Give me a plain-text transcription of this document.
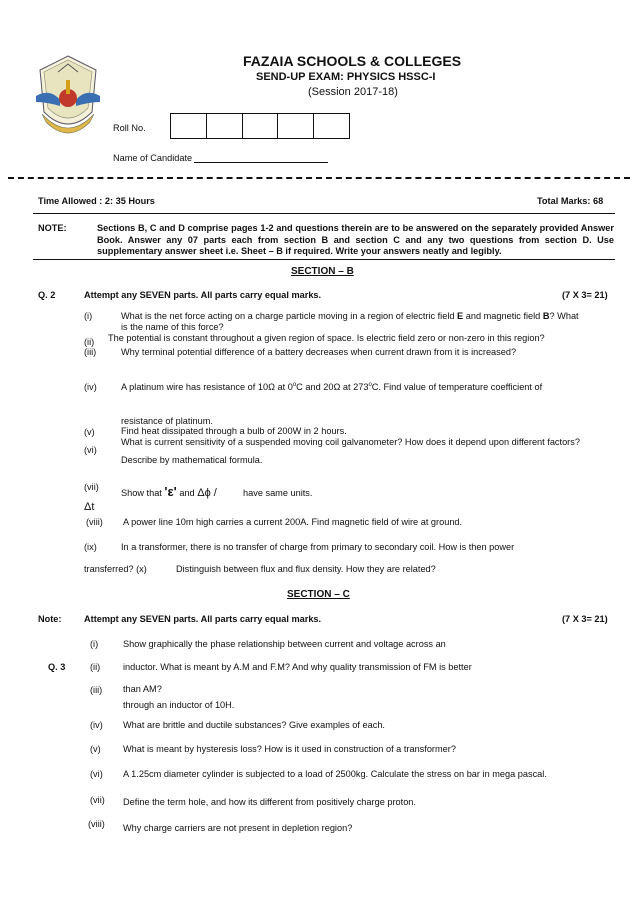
FAZAIA SCHOOLS & COLLEGES
SEND-UP EXAM: PHYSICS HSSC-I
(Session 2017-18)
Roll No.
Name of Candidate
Time Allowed : 2: 35 Hours	Total Marks: 68
NOTE:	Sections B, C and D comprise pages 1-2 and questions therein are to be answered on the separately provided Answer Book. Answer any 07 parts each from section B and section C and any two questions from section D. Use supplementary answer sheet i.e. Sheet – B if required. Write your answers neatly and legibly.
SECTION – B
Q. 2	Attempt any SEVEN parts. All parts carry equal marks.	(7 X 3= 21)
(i)	What is the net force acting on a charge particle moving in a region of electric field E and magnetic field B? What
is the name of this force?
(ii) The potential is constant throughout a given region of space. Is electric field zero or non-zero in this region?
(iii)	Why terminal potential difference of a battery decreases when current drawn from it is increased?
(iv)	A platinum wire has resistance of 10Ω at 0$^o$C and 20Ω at 273$^o$C. Find value of temperature coefficient of
resistance of platinum.
(v)	Find heat dissipated through a bulb of 200W in 2 hours.
(vi)
What is current sensitivity of a suspended moving coil galvanometer? How does it depend upon different factors?
Describe by mathematical formula.
(vii)
Show that 'ε' and Δϕ /	have same units.
Δt
(viii) A power line 10m high carries a current 200A. Find magnetic field of wire at ground.
(ix)	In a transformer, there is no transfer of charge from primary to secondary coil. How is then power
transferred? (x)	Distinguish between flux and flux density. How they are related?
SECTION – C
Note: Attempt any SEVEN parts. All parts carry equal marks.	(7 X 3= 21)
(i)	Show graphically the phase relationship between current and voltage across an
Q. 3	(ii) inductor. What is meant by A.M and F.M? And why quality transmission of FM is better
(iii) than AM?
through an inductor of 10H.
(iv) What are brittle and ductile substances? Give examples of each.
(v) What is meant by hysteresis loss? How is it used in construction of a transformer?
(vi) A 1.25cm diameter cylinder is subjected to a load of 2500kg. Calculate the stress on bar in mega pascal.
(vii) Define the term hole, and how its different from positively charge proton.
(viii) Why charge carriers are not present in depletion region?
